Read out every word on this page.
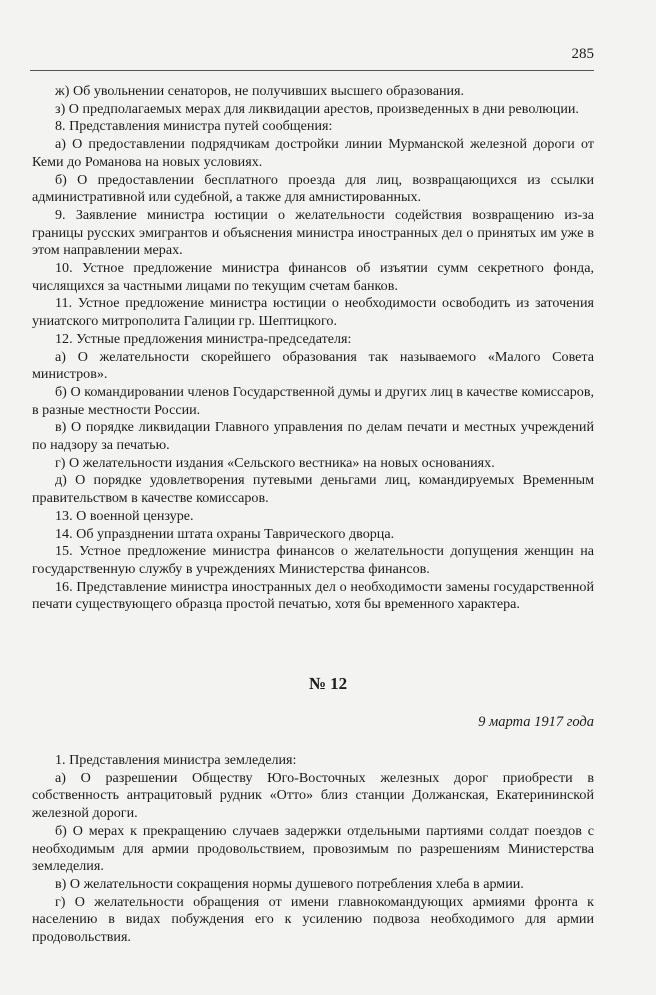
285

ж) Об увольнении сенаторов, не получивших высшего образования.

з) О предполагаемых мерах для ликвидации арестов, произведенных в дни революции.

8. Представления министра путей сообщения:

а) О предоставлении подрядчикам достройки линии Мурманской железной дороги от Кеми до Романова на новых условиях.

б) О предоставлении бесплатного проезда для лиц, возвращающихся из ссылки административной или судебной, а также для амнистированных.

9. Заявление министра юстиции о желательности содействия возвращению из-за границы русских эмигрантов и объяснения министра иностранных дел о принятых им уже в этом направлении мерах.

10. Устное предложение министра финансов об изъятии сумм секретного фонда, числящихся за частными лицами по текущим счетам банков.

11. Устное предложение министра юстиции о необходимости освободить из заточения униатского митрополита Галиции гр. Шептицкого.

12. Устные предложения министра-председателя:

а) О желательности скорейшего образования так называемого «Малого Совета министров».

б) О командировании членов Государственной думы и других лиц в качестве комиссаров, в разные местности России.

в) О порядке ликвидации Главного управления по делам печати и местных учреждений по надзору за печатью.

г) О желательности издания «Сельского вестника» на новых основаниях.

д) О порядке удовлетворения путевыми деньгами лиц, командируемых Временным правительством в качестве комиссаров.

13. О военной цензуре.

14. Об упразднении штата охраны Таврического дворца.

15. Устное предложение министра финансов о желательности допущения женщин на государственную службу в учреждениях Министерства финансов.

16. Представление министра иностранных дел о необходимости замены государственной печати существующего образца простой печатью, хотя бы временного характера.

№ 12
9 марта 1917 года

1. Представления министра земледелия:

а) О разрешении Обществу Юго-Восточных железных дорог приобрести в собственность антрацитовый рудник «Отто» близ станции Должанская, Екатерининской железной дороги.

б) О мерах к прекращению случаев задержки отдельными партиями солдат поездов с необходимым для армии продовольствием, провозимым по разрешениям Министерства земледелия.

в) О желательности сокращения нормы душевого потребления хлеба в армии.

г) О желательности обращения от имени главнокомандующих армиями фронта к населению в видах побуждения его к усилению подвоза необходимого для армии продовольствия.
